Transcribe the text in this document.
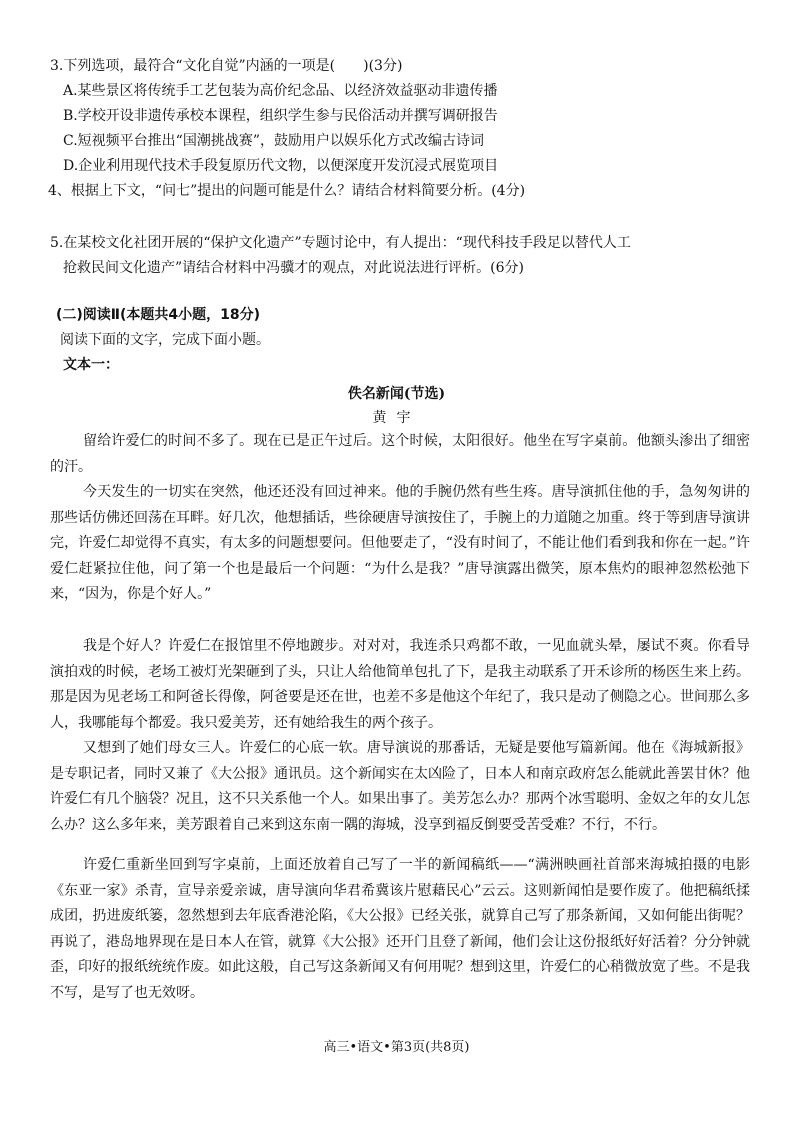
3.下列选项，最符合“文化自觉”内涵的一项是(　　)(3分)

A.某些景区将传统手工艺包装为高价纪念品、以经济效益驱动非遗传播

B.学校开设非遗传承校本课程，组织学生参与民俗活动并撰写调研报告

C.短视频平台推出“国潮挑战赛”，鼓励用户以娱乐化方式改编古诗词

D.企业利用现代技术手段复原历代文物，以便深度开发沉浸式展览项目

4、根据上下文，“问七”提出的问题可能是什么？请结合材料简要分析。(4分)

5.在某校文化社团开展的“保护文化遗产”专题讨论中，有人提出：“现代科技手段足以替代人工

抢救民间文化遗产”请结合材料中冯骥才的观点，对此说法进行评析。(6分)

(二)阅读Ⅱ(本题共4小题，18分)

阅读下面的文字，完成下面小题。

文本一：

佚名新闻(节选)

黄宇

留给许爱仁的时间不多了。现在已是正午过后。这个时候，太阳很好。他坐在写字桌前。他额头渗出了细密的汗。

今天发生的一切实在突然，他还还没有回过神来。他的手腕仍然有些生疼。唐导演抓住他的手，急匆匆讲的那些话仿佛还回荡在耳畔。好几次，他想插话，些徐硬唐导演按住了，手腕上的力道随之加重。终于等到唐导演讲完，许爱仁却觉得不真实，有太多的问题想要问。但他要走了，“没有时间了，不能让他们看到我和你在一起。”许爱仁赶紧拉住他，问了第一个也是最后一个问题：“为什么是我？”唐导演露出微笑，原本焦灼的眼神忽然松弛下来，“因为，你是个好人。”

我是个好人？许爱仁在报馆里不停地踱步。对对对，我连杀只鸡都不敢，一见血就头晕，屡试不爽。你看导演拍戏的时候，老场工被灯光架砸到了头，只让人给他简单包扎了下，是我主动联系了开禾诊所的杨医生来上药。那是因为见老场工和阿爸长得像，阿爸要是还在世，也差不多是他这个年纪了，我只是动了侧隐之心。世间那么多人，我哪能每个都爱。我只爱美芳，还有她给我生的两个孩子。

又想到了她们母女三人。许爱仁的心底一软。唐导演说的那番话，无疑是要他写篇新闻。他在《海城新报》是专职记者，同时又兼了《大公报》通讯员。这个新闻实在太凶险了，日本人和南京政府怎么能就此善罢甘休？他许爱仁有几个脑袋？况且，这不只关系他一个人。如果出事了。美芳怎么办？那两个冰雪聪明、金奴之年的女儿怎么办？这么多年来，美芳跟着自己来到这东南一隅的海城，没享到福反倒要受苦受难？不行，不行。

许爱仁重新坐回到写字桌前，上面还放着自己写了一半的新闻稿纸——“满洲映画社首部来海城拍摄的电影《东亚一家》杀青，宣导亲爱亲诚，唐导演向华君希冀该片慰藉民心”云云。这则新闻怕是要作废了。他把稿纸揉成团，扔进废纸篓，忽然想到去年底香港沦陷，《大公报》已经关张，就算自己写了那条新闻，又如何能出街呢？再说了，港岛地界现在是日本人在管，就算《大公报》还开门且登了新闻，他们会让这份报纸好好活着？分分钟就歪，印好的报纸统统作废。如此这般，自己写这条新闻又有何用呢？想到这里，许爱仁的心稍微放宽了些。不是我不写，是写了也无效呀。

高三•语文•第3页(共8页)
